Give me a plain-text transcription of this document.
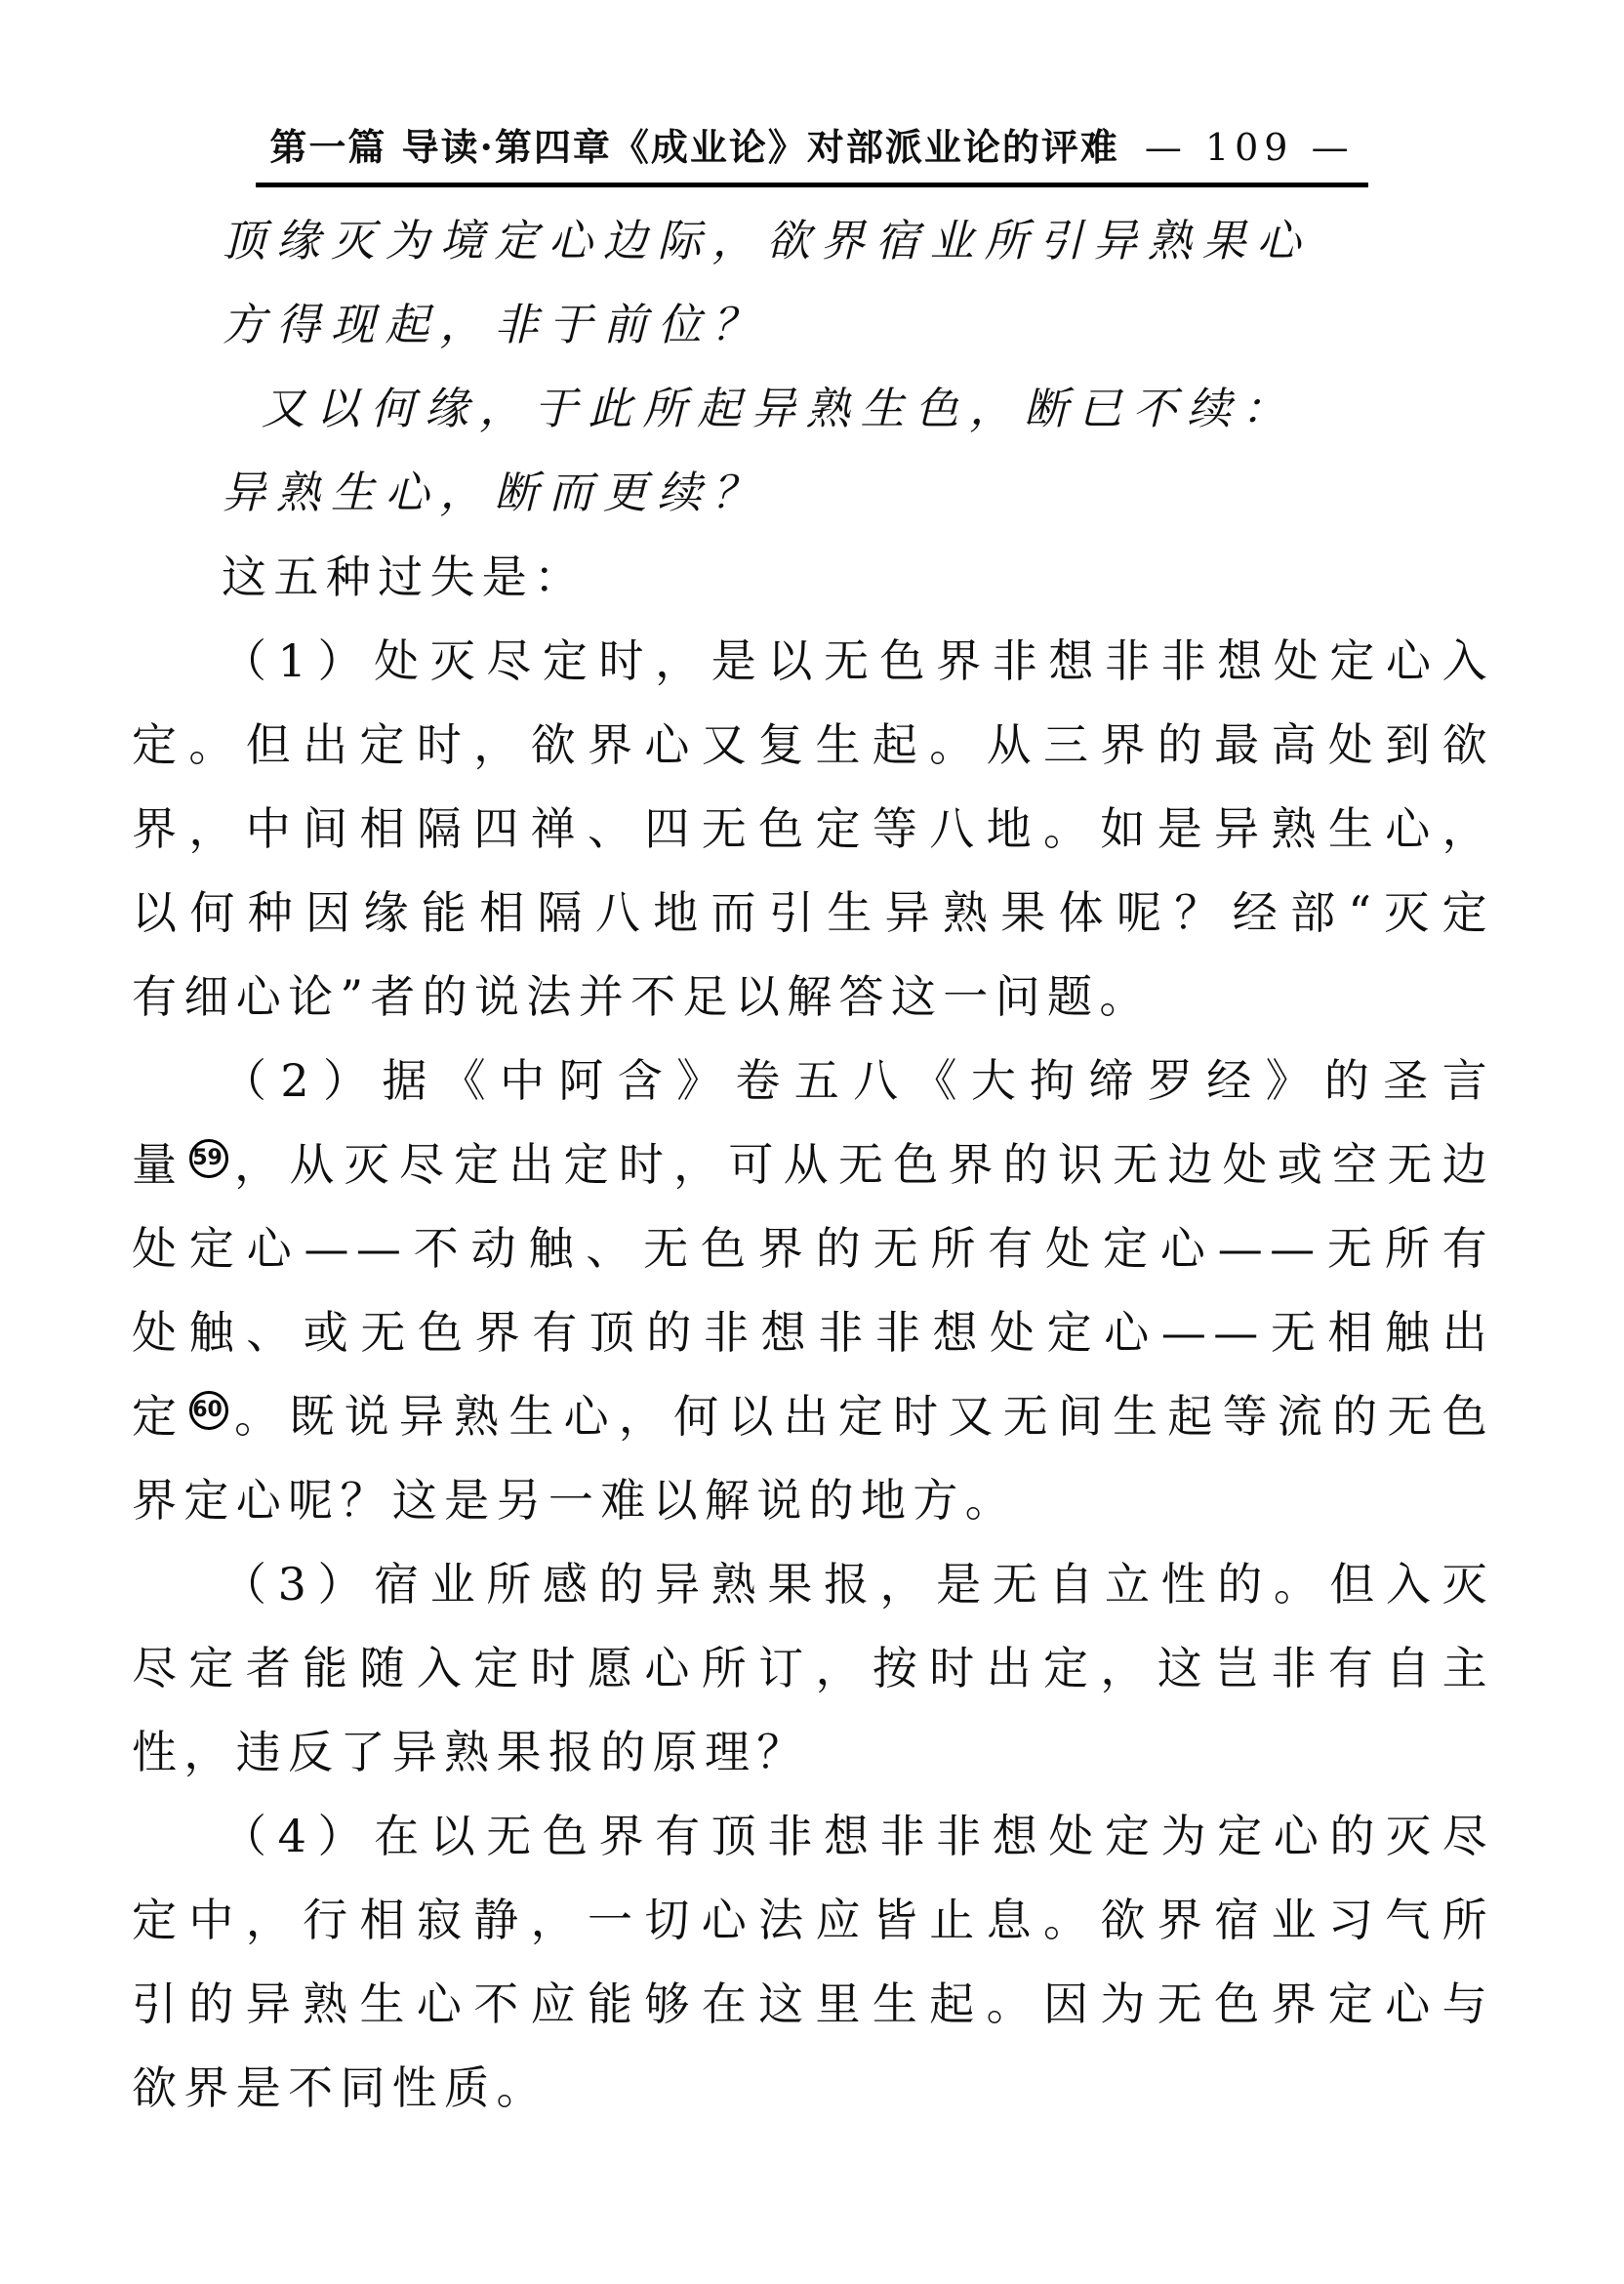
第一篇 导读·第四章《成业论》对部派业论的评难 — 109 —
顶缘灭为境定心边际，欲界宿业所引异熟果心
方得现起，非于前位？
又以何缘，于此所起异熟生色，断已不续：
异熟生心，断而更续？
这五种过失是：
（1）处灭尽定时，是以无色界非想非非想处定心入
定。但出定时，欲界心又复生起。从三界的最高处到欲
界，中间相隔四禅、四无色定等八地。如是异熟生心，
以何种因缘能相隔八地而引生异熟果体呢？经部“灭定
有细心论”者的说法并不足以解答这一问题。
（2）据《中阿含》卷五八《大拘缔罗经》的圣言
量 59 ，从灭尽定出定时，可从无色界的识无边处或空无边
处定心——不动触、无色界的无所有处定心——无所有
处触、或无色界有顶的非想非非想处定心——无相触出
定 60 。既说异熟生心，何以出定时又无间生起等流的无色
界定心呢？这是另一难以解说的地方。
（3）宿业所感的异熟果报，是无自立性的。但入灭
尽定者能随入定时愿心所订，按时出定，这岂非有自主
性，违反了异熟果报的原理？
（4）在以无色界有顶非想非非想处定为定心的灭尽
定中，行相寂静，一切心法应皆止息。欲界宿业习气所
引的异熟生心不应能够在这里生起。因为无色界定心与
欲界是不同性质。
